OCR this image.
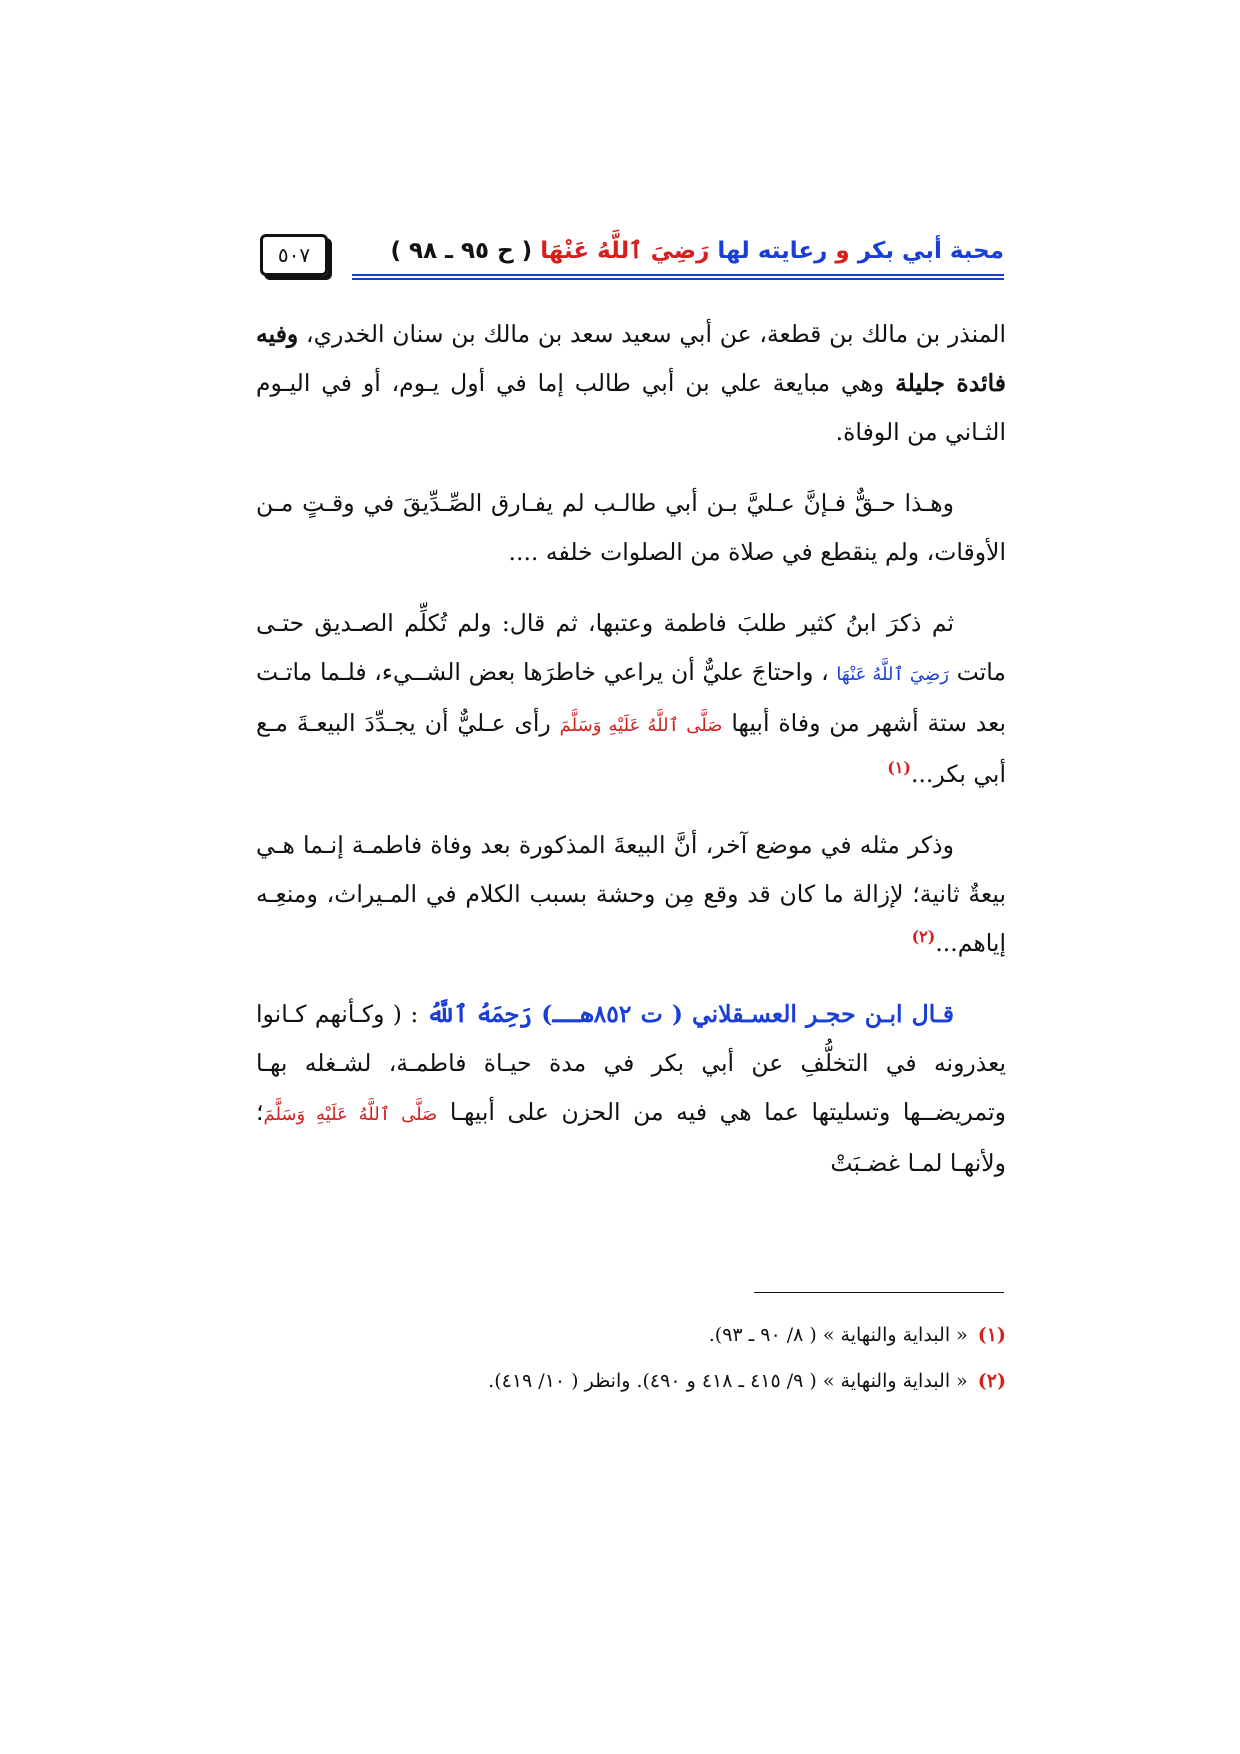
محبة أبي بكر و رعايته لها رَضِيَ ٱللَّهُ عَنْهَا ( ح ٩٥ ـ ٩٨ )
٥٠٧

المنذر بن مالك بن قطعة، عن أبي سعيد سعد بن مالك بن سنان الخدري، وفيه فائدة جليلة وهي مبايعة علي بن أبي طالب إما في أول يـوم، أو في اليـوم الثـاني من الوفاة.

وهـذا حـقٌّ فـإنَّ عـليَّ بـن أبي طالـب لم يفـارق الصِّـدِّيقَ في وقـتٍ مـن الأوقات، ولم ينقطع في صلاة من الصلوات خلفه ....

ثم ذكرَ ابنُ كثير طلبَ فاطمة وعتبها، ثم قال: ولم تُكلِّم الصـديق حتـى ماتت رَضِيَ ٱللَّهُ عَنْهَا ، واحتاجَ عليٌّ أن يراعي خاطرَها بعض الشــيء، فلـما ماتـت بعد ستة أشهر من وفاة أبيها صَلَّى ٱللَّهُ عَلَيْهِ وَسَلَّمَ رأى عـليٌّ أن يجـدِّدَ البيعـةَ مـع أبي بكر...$^{(١)}$

وذكر مثله في موضع آخر، أنَّ البيعةَ المذكورة بعد وفاة فاطمـة إنـما هـي بيعةٌ ثانية؛ لإزالة ما كان قد وقع مِن وحشة بسبب الكلام في المـيراث، ومنعِـه إياهم...$^{(٢)}$

قـال ابـن حجـر العسـقلاني ( ت ٨٥٢هــ) رَحِمَهُ ٱللَّهُ : ( وكـأنهم كـانوا يعذرونه في التخلُّفِ عن أبي بكر في مدة حيـاة فاطمـة، لشـغله بهـا وتمريضــها وتسليتها عما هي فيه من الحزن على أبيهـا صَلَّى ٱللَّهُ عَلَيْهِ وَسَلَّمَ؛ ولأنهـا لمـا غضـبَتْ

(١)« البداية والنهاية » ( ٨/ ٩٠ ـ ٩٣).
(٢)« البداية والنهاية » ( ٩/ ٤١٥ ـ ٤١٨ و ٤٩٠). وانظر ( ١٠/ ٤١٩).
